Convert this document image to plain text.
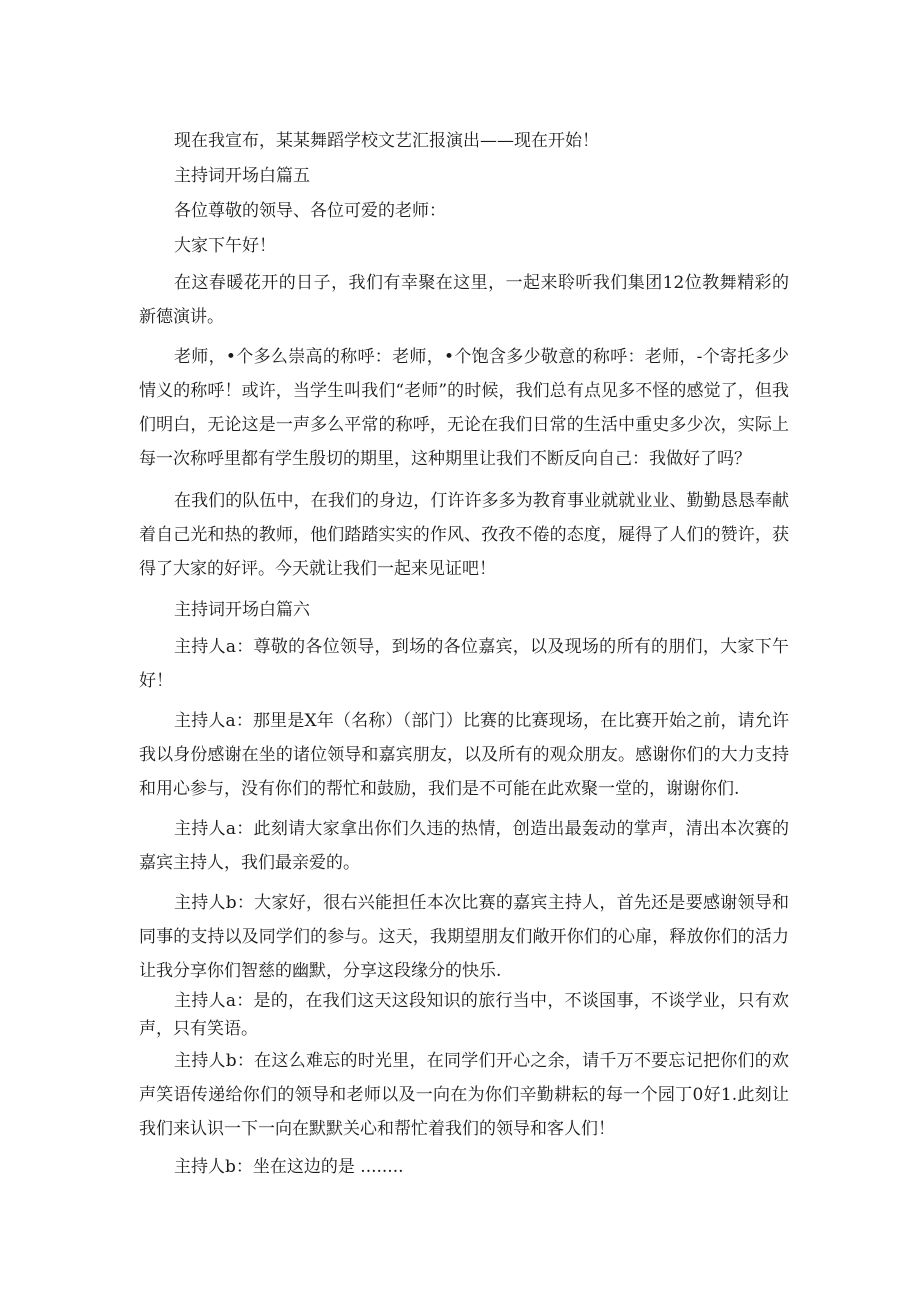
现在我宣布，某某舞蹈学校文艺汇报演出——现在开始！
主持词开场白篇五
各位尊敬的领导、各位可爱的老师：
大家下午好！
在这春暖花开的日子，我们有幸聚在这里，一起来聆听我们集团12位教舞精彩的新德演讲。
老师，•个多么崇高的称呼：老师，•个饱含多少敬意的称呼：老师，-个寄托多少情义的称呼！或许，当学生叫我们“老师”的时候，我们总有点见多不怪的感觉了，但我们明白，无论这是一声多么平常的称呼，无论在我们日常的生活中重史多少次，实际上每一次称呼里都有学生殷切的期里，这种期里让我们不断反向自己：我做好了吗？
在我们的队伍中，在我们的身边，仃许许多多为教育事业就就业业、勤勤恳恳奉献着自己光和热的教师，他们踏踏实实的作风、孜孜不倦的态度，屣得了人们的赞许，获得了大家的好评。今天就让我们一起来见证吧！
主持词开场白篇六
主持人a：尊敬的各位领导，到场的各位嘉宾，以及现场的所有的朋们，大家下午好！
主持人a：那里是X年（名称）（部门）比赛的比赛现场，在比赛开始之前，请允许我以身份感谢在坐的诸位领导和嘉宾朋友，以及所有的观众朋友。感谢你们的大力支持和用心参与，没有你们的帮忙和鼓励，我们是不可能在此欢聚一堂的，谢谢你们.
主持人a：此刻请大家拿出你们久违的热情，创造出最轰动的掌声，清出本次赛的嘉宾主持人，我们最亲爱的。
主持人b：大家好，很右兴能担任本次比赛的嘉宾主持人，首先还是要感谢领导和同事的支持以及同学们的参与。这天，我期望朋友们敞开你们的心扉，释放你们的活力让我分享你们智慈的幽默，分享这段缘分的快乐.
主持人a：是的，在我们这天这段知识的旅行当中，不谈国事，不谈学业，只有欢声，只有笑语。
主持人b：在这么难忘的时光里，在同学们开心之余，请千万不要忘记把你们的欢声笑语传递给你们的领导和老师以及一向在为你们辛勤耕耘的每一个园丁0好1.此刻让我们来认识一下一向在默默关心和帮忙着我们的领导和客人们！
主持人b：坐在这边的是 ........
